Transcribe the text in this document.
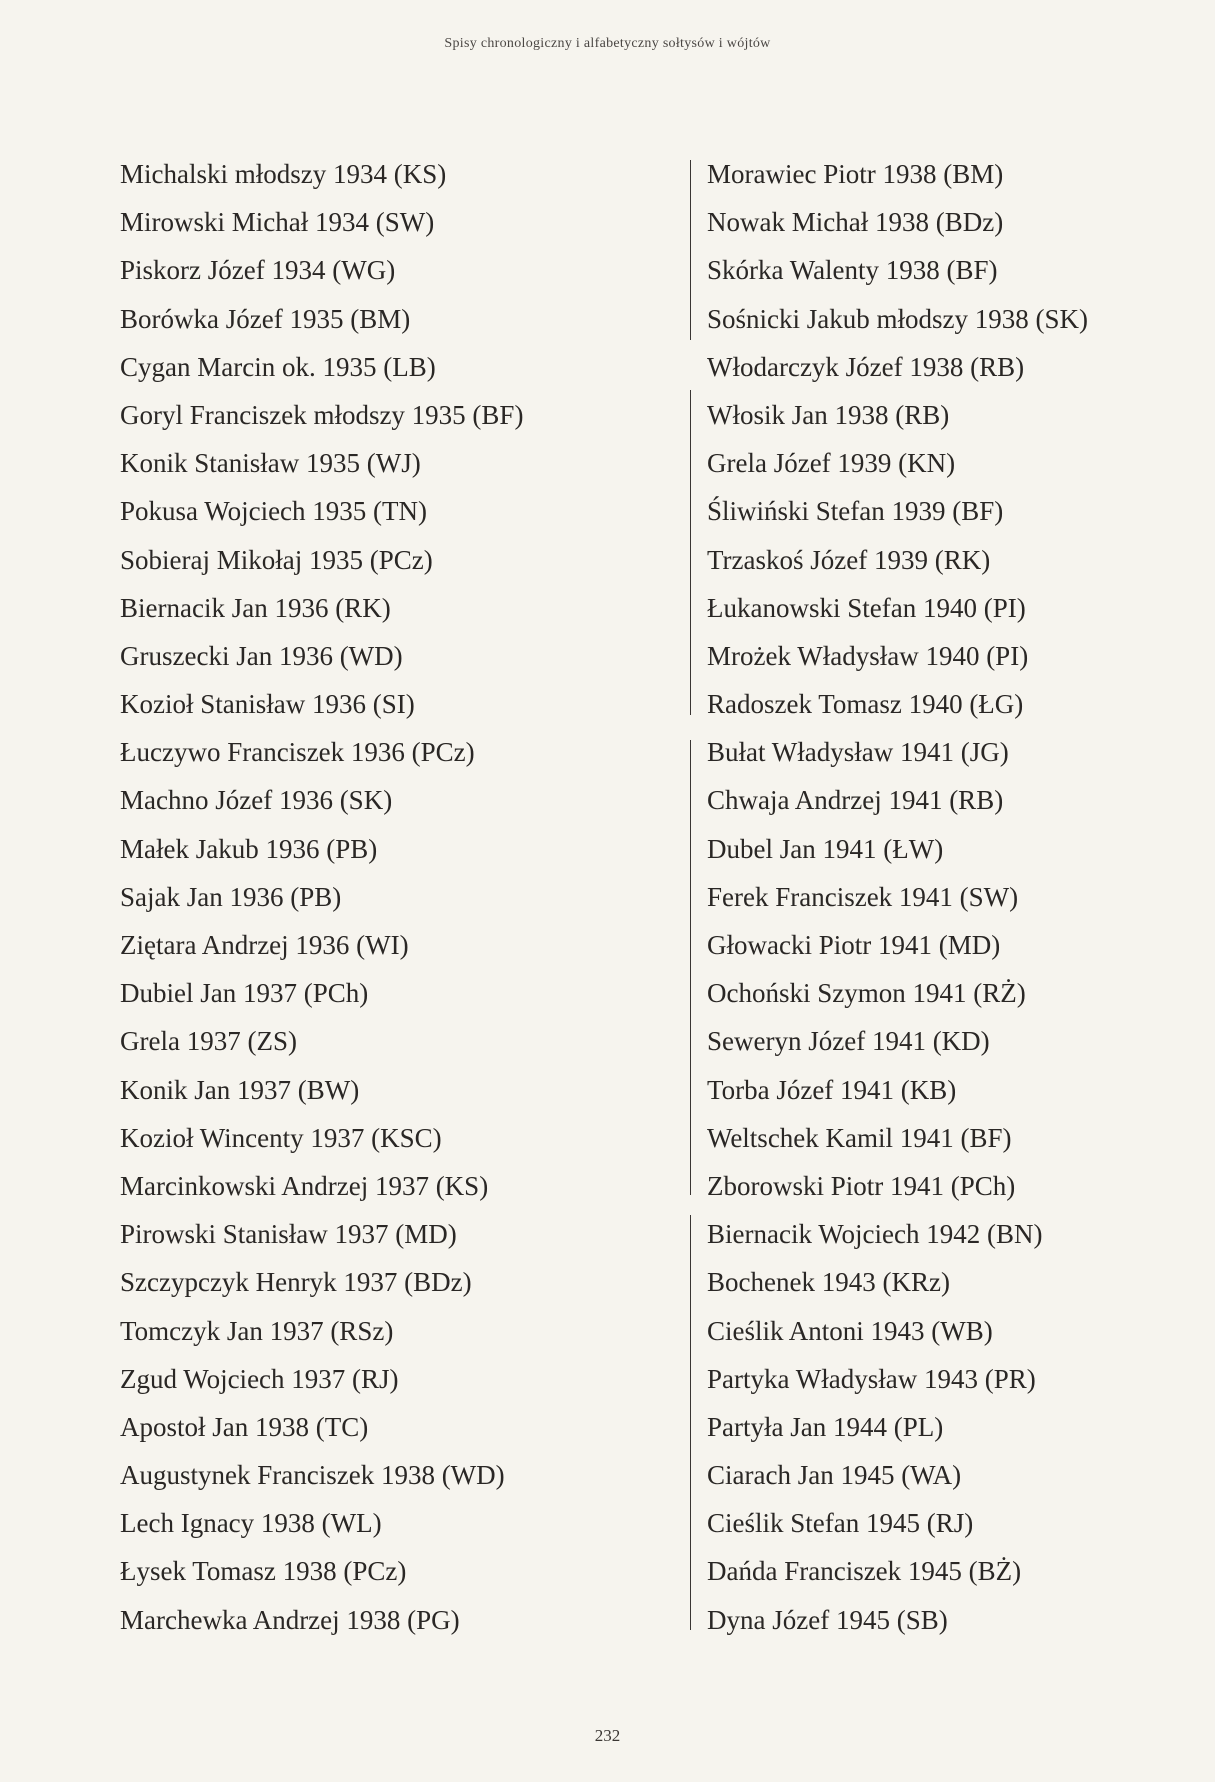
Spisy chronologiczny i alfabetyczny sołtysów i wójtów
Michalski młodszy 1934 (KS)
Mirowski Michał 1934 (SW)
Piskorz Józef 1934 (WG)
Borówka Józef 1935 (BM)
Cygan Marcin ok. 1935 (LB)
Goryl Franciszek młodszy 1935 (BF)
Konik Stanisław 1935 (WJ)
Pokusa Wojciech 1935 (TN)
Sobieraj Mikołaj 1935 (PCz)
Biernacik Jan 1936 (RK)
Gruszecki Jan 1936 (WD)
Kozioł Stanisław 1936 (SI)
Łuczywo Franciszek 1936 (PCz)
Machno Józef 1936 (SK)
Małek Jakub 1936 (PB)
Sajak Jan 1936 (PB)
Ziętara Andrzej 1936 (WI)
Dubiel Jan 1937 (PCh)
Grela 1937 (ZS)
Konik Jan 1937 (BW)
Kozioł Wincenty 1937 (KSC)
Marcinkowski Andrzej 1937 (KS)
Pirowski Stanisław 1937 (MD)
Szczypczyk Henryk 1937 (BDz)
Tomczyk Jan 1937 (RSz)
Zgud Wojciech 1937 (RJ)
Apostoł Jan 1938 (TC)
Augustynek Franciszek 1938 (WD)
Lech Ignacy 1938 (WL)
Łysek Tomasz 1938 (PCz)
Marchewka Andrzej 1938 (PG)
Morawiec Piotr 1938 (BM)
Nowak Michał 1938 (BDz)
Skórka Walenty 1938 (BF)
Sośnicki Jakub młodszy 1938 (SK)
Włodarczyk Józef 1938 (RB)
Włosik Jan 1938 (RB)
Grela Józef 1939 (KN)
Śliwiński Stefan 1939 (BF)
Trzaskoś Józef 1939 (RK)
Łukanowski Stefan 1940 (PI)
Mrożek Władysław 1940 (PI)
Radoszek Tomasz 1940 (ŁG)
Bułat Władysław 1941 (JG)
Chwaja Andrzej 1941 (RB)
Dubel Jan 1941 (ŁW)
Ferek Franciszek 1941 (SW)
Głowacki Piotr 1941 (MD)
Ochoński Szymon 1941 (RŻ)
Seweryn Józef 1941 (KD)
Torba Józef 1941 (KB)
Weltschek Kamil 1941 (BF)
Zborowski Piotr 1941 (PCh)
Biernacik Wojciech 1942 (BN)
Bochenek 1943 (KRz)
Cieślik Antoni 1943 (WB)
Partyka Władysław 1943 (PR)
Partyła Jan 1944 (PL)
Ciarach Jan 1945 (WA)
Cieślik Stefan 1945 (RJ)
Dańda Franciszek 1945 (BŻ)
Dyna Józef 1945 (SB)
232
